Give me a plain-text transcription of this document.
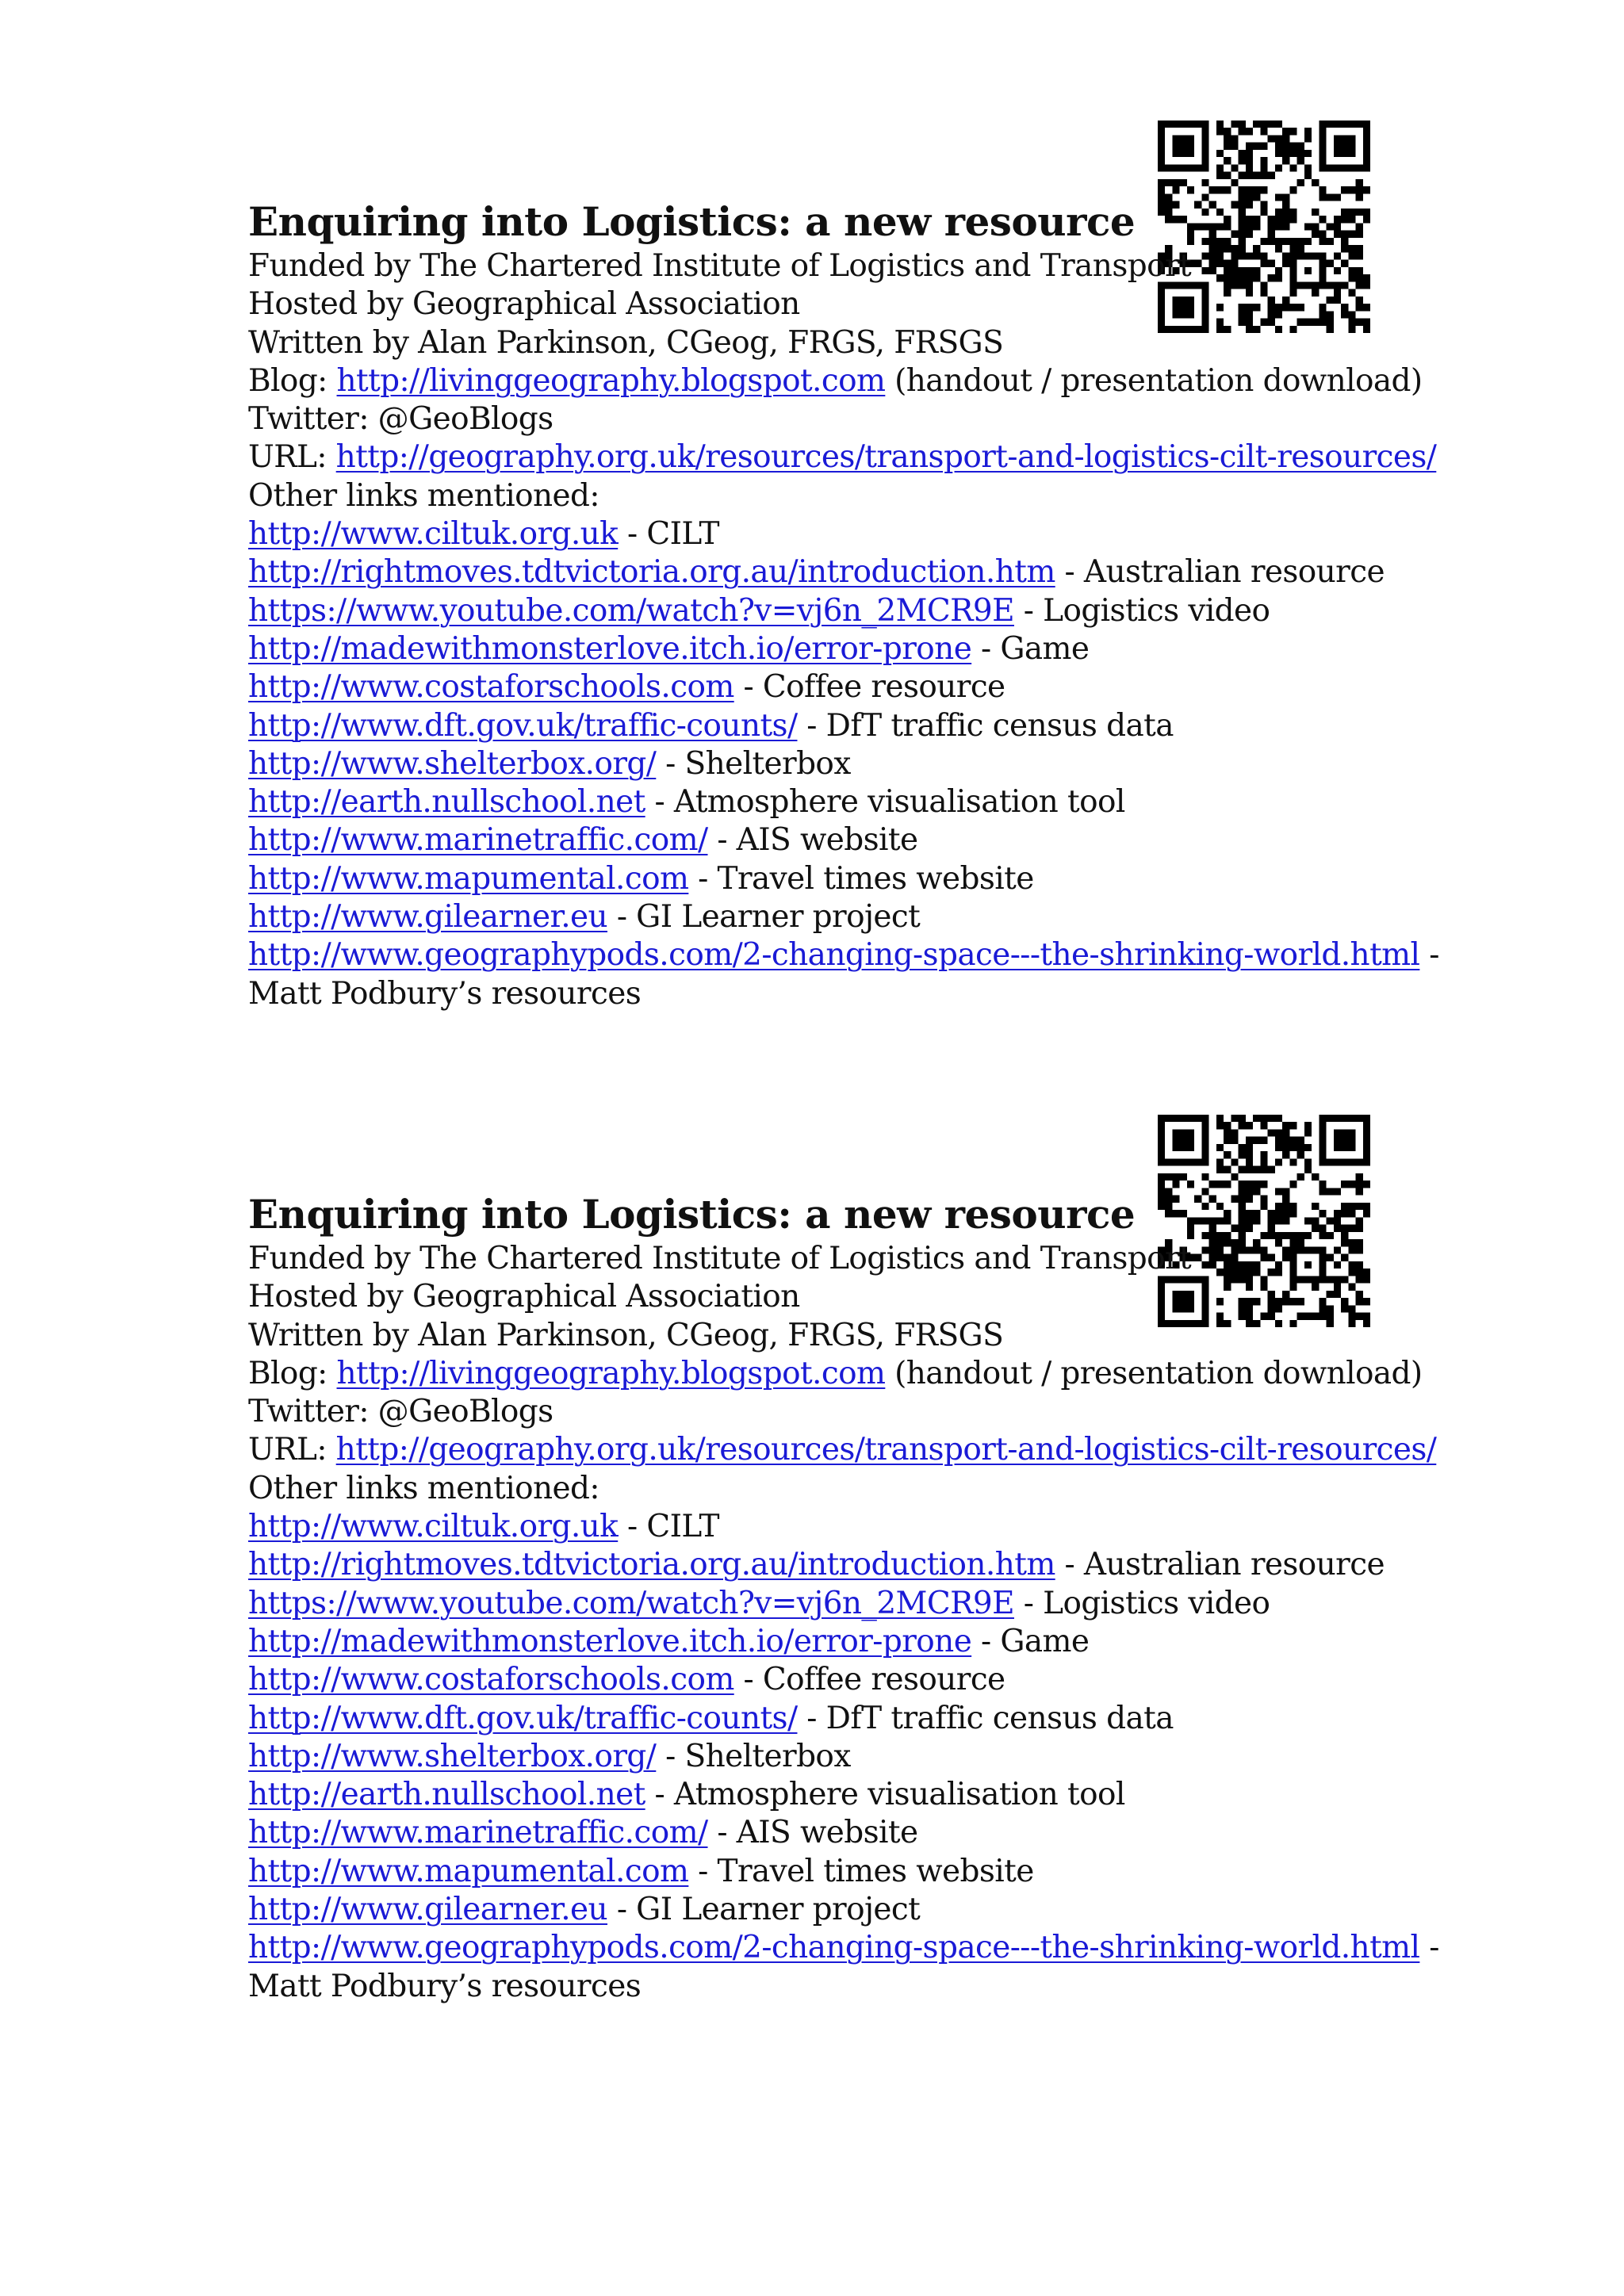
Enquiring into Logistics: a new resource
Funded by The Chartered Institute of Logistics and Transport
Hosted by Geographical Association
Written by Alan Parkinson, CGeog, FRGS, FRSGS
Blog: http://livinggeography.blogspot.com (handout / presentation download)
Twitter: @GeoBlogs
URL: http://geography.org.uk/resources/transport-and-logistics-cilt-resources/
Other links mentioned:
http://www.ciltuk.org.uk - CILT
http://rightmoves.tdtvictoria.org.au/introduction.htm - Australian resource
https://www.youtube.com/watch?v=vj6n_2MCR9E - Logistics video
http://madewithmonsterlove.itch.io/error-prone - Game
http://www.costaforschools.com - Coffee resource
http://www.dft.gov.uk/traffic-counts/ - DfT traffic census data
http://www.shelterbox.org/ - Shelterbox
http://earth.nullschool.net - Atmosphere visualisation tool
http://www.marinetraffic.com/ - AIS website
http://www.mapumental.com - Travel times website
http://www.gilearner.eu - GI Learner project
http://www.geographypods.com/2-changing-space---the-shrinking-world.html -
Matt Podbury’s resources
Enquiring into Logistics: a new resource
Funded by The Chartered Institute of Logistics and Transport
Hosted by Geographical Association
Written by Alan Parkinson, CGeog, FRGS, FRSGS
Blog: http://livinggeography.blogspot.com (handout / presentation download)
Twitter: @GeoBlogs
URL: http://geography.org.uk/resources/transport-and-logistics-cilt-resources/
Other links mentioned:
http://www.ciltuk.org.uk - CILT
http://rightmoves.tdtvictoria.org.au/introduction.htm - Australian resource
https://www.youtube.com/watch?v=vj6n_2MCR9E - Logistics video
http://madewithmonsterlove.itch.io/error-prone - Game
http://www.costaforschools.com - Coffee resource
http://www.dft.gov.uk/traffic-counts/ - DfT traffic census data
http://www.shelterbox.org/ - Shelterbox
http://earth.nullschool.net - Atmosphere visualisation tool
http://www.marinetraffic.com/ - AIS website
http://www.mapumental.com - Travel times website
http://www.gilearner.eu - GI Learner project
http://www.geographypods.com/2-changing-space---the-shrinking-world.html -
Matt Podbury’s resources
